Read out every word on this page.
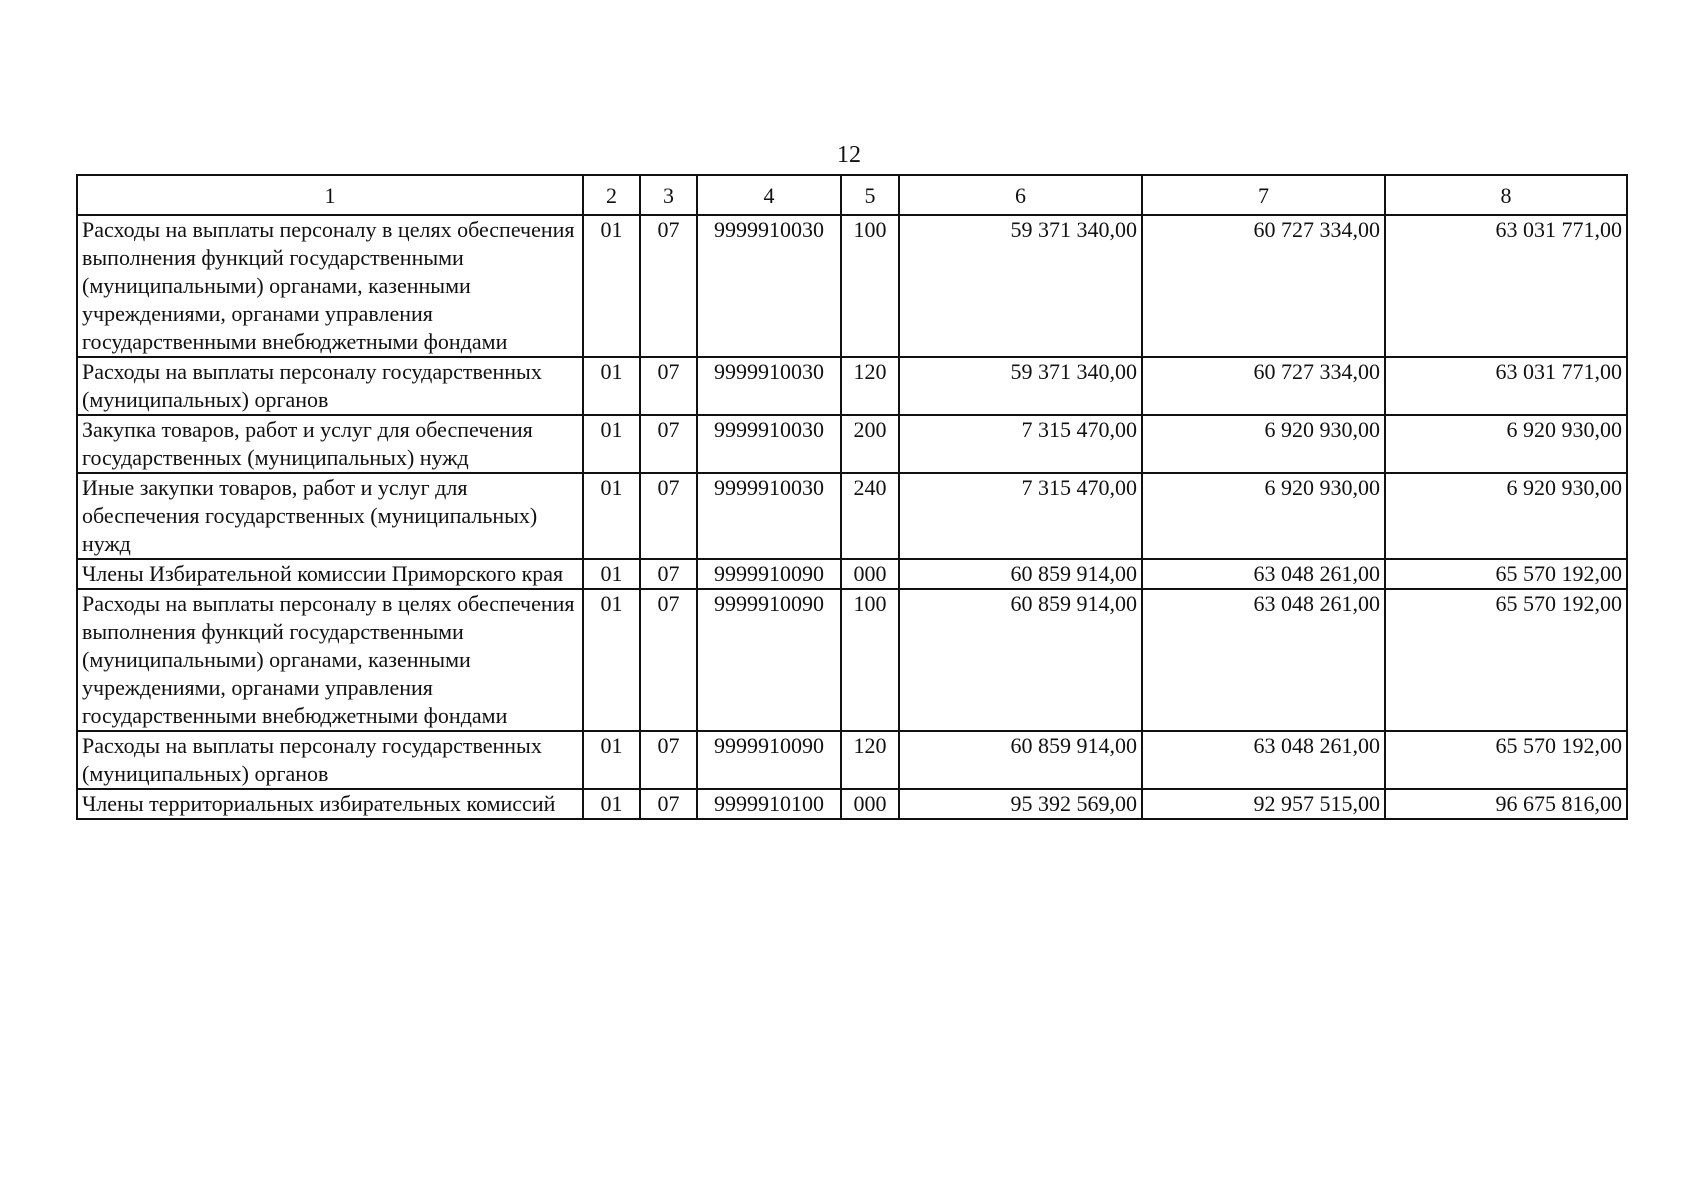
12
1	2	3	4	5	6	7	8
Расходы на выплаты персоналу в целях обеспечения выполнения функций государственными (муниципальными) органами, казенными учреждениями, органами управления государственными внебюджетными фондами	01	07	9999910030	100	59 371 340,00	60 727 334,00	63 031 771,00
Расходы на выплаты персоналу государственных (муниципальных) органов	01	07	9999910030	120	59 371 340,00	60 727 334,00	63 031 771,00
Закупка товаров, работ и услуг для обеспечения государственных (муниципальных) нужд	01	07	9999910030	200	7 315 470,00	6 920 930,00	6 920 930,00
Иные закупки товаров, работ и услуг для обеспечения государственных (муниципальных) нужд	01	07	9999910030	240	7 315 470,00	6 920 930,00	6 920 930,00
Члены Избирательной комиссии Приморского края	01	07	9999910090	000	60 859 914,00	63 048 261,00	65 570 192,00
Расходы на выплаты персоналу в целях обеспечения выполнения функций государственными (муниципальными) органами, казенными учреждениями, органами управления государственными внебюджетными фондами	01	07	9999910090	100	60 859 914,00	63 048 261,00	65 570 192,00
Расходы на выплаты персоналу государственных (муниципальных) органов	01	07	9999910090	120	60 859 914,00	63 048 261,00	65 570 192,00
Члены территориальных избирательных комиссий	01	07	9999910100	000	95 392 569,00	92 957 515,00	96 675 816,00
